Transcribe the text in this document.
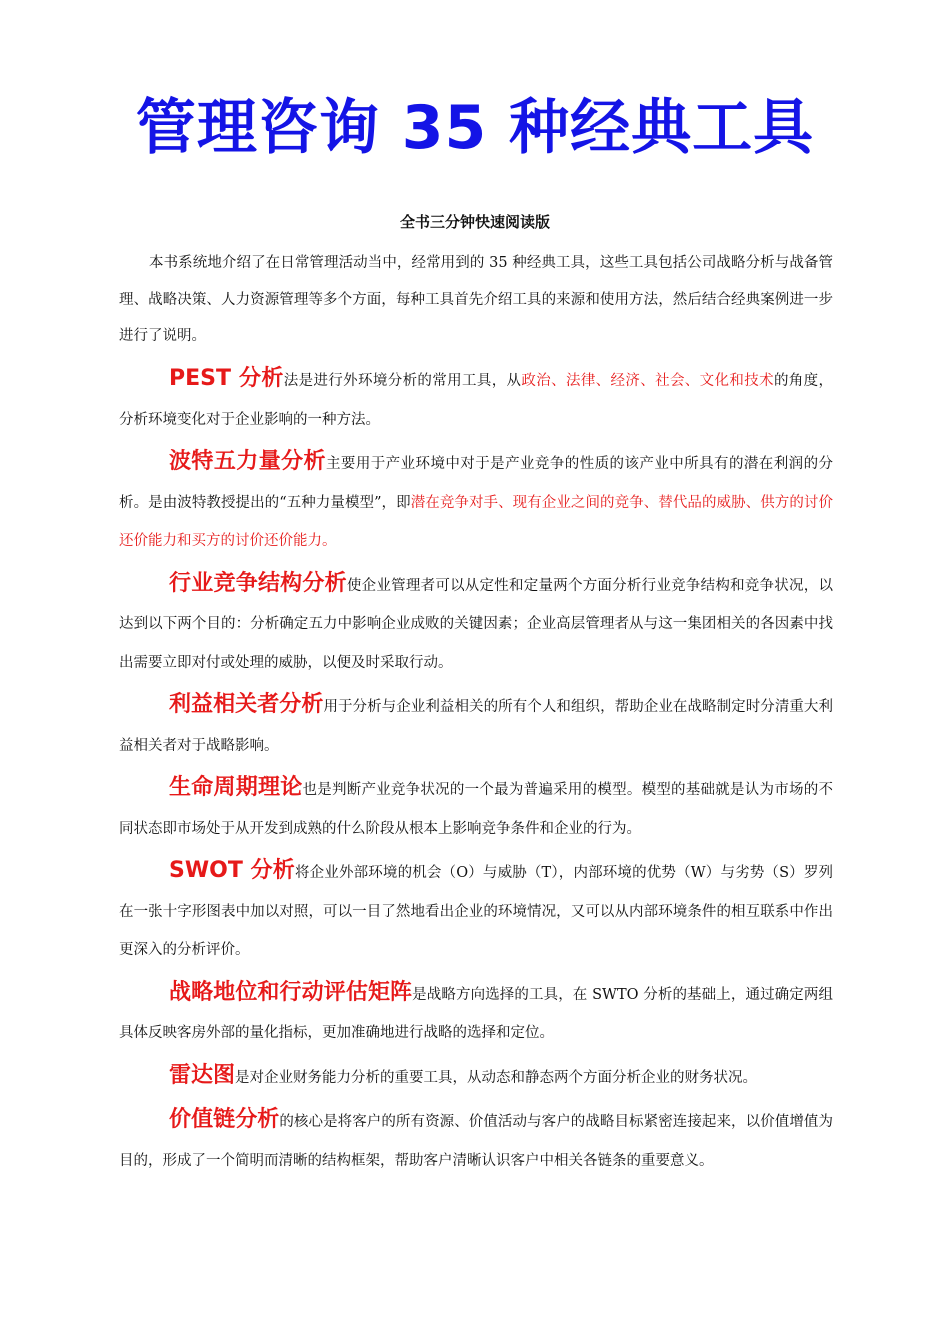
管理咨询 35 种经典工具
全书三分钟快速阅读版

本书系统地介绍了在日常管理活动当中，经常用到的 35 种经典工具，这些工具包括公司战略分析与战备管理、战略决策、人力资源管理等多个方面，每种工具首先介绍工具的来源和使用方法，然后结合经典案例进一步进行了说明。

PEST 分析法是进行外环境分析的常用工具，从政治、法律、经济、社会、文化和技术的角度，分析环境变化对于企业影响的一种方法。

波特五力量分析主要用于产业环境中对于是产业竞争的性质的该产业中所具有的潜在利润的分析。是由波特教授提出的“五种力量模型”，即潜在竞争对手、现有企业之间的竞争、替代品的威胁、供方的讨价还价能力和买方的讨价还价能力。

行业竞争结构分析使企业管理者可以从定性和定量两个方面分析行业竞争结构和竞争状况，以达到以下两个目的：分析确定五力中影响企业成败的关键因素；企业高层管理者从与这一集团相关的各因素中找出需要立即对付或处理的威胁，以便及时采取行动。

利益相关者分析用于分析与企业利益相关的所有个人和组织，帮助企业在战略制定时分清重大利益相关者对于战略影响。

生命周期理论也是判断产业竞争状况的一个最为普遍采用的模型。模型的基础就是认为市场的不同状态即市场处于从开发到成熟的什么阶段从根本上影响竞争条件和企业的行为。

SWOT 分析将企业外部环境的机会（O）与威胁（T），内部环境的优势（W）与劣势（S）罗列在一张十字形图表中加以对照，可以一目了然地看出企业的环境情况，又可以从内部环境条件的相互联系中作出更深入的分析评价。

战略地位和行动评估矩阵是战略方向选择的工具，在 SWTO 分析的基础上，通过确定两组具体反映客房外部的量化指标，更加准确地进行战略的选择和定位。

雷达图是对企业财务能力分析的重要工具，从动态和静态两个方面分析企业的财务状况。

价值链分析的核心是将客户的所有资源、价值活动与客户的战略目标紧密连接起来，以价值增值为目的，形成了一个简明而清晰的结构框架，帮助客户清晰认识客户中相关各链条的重要意义。
